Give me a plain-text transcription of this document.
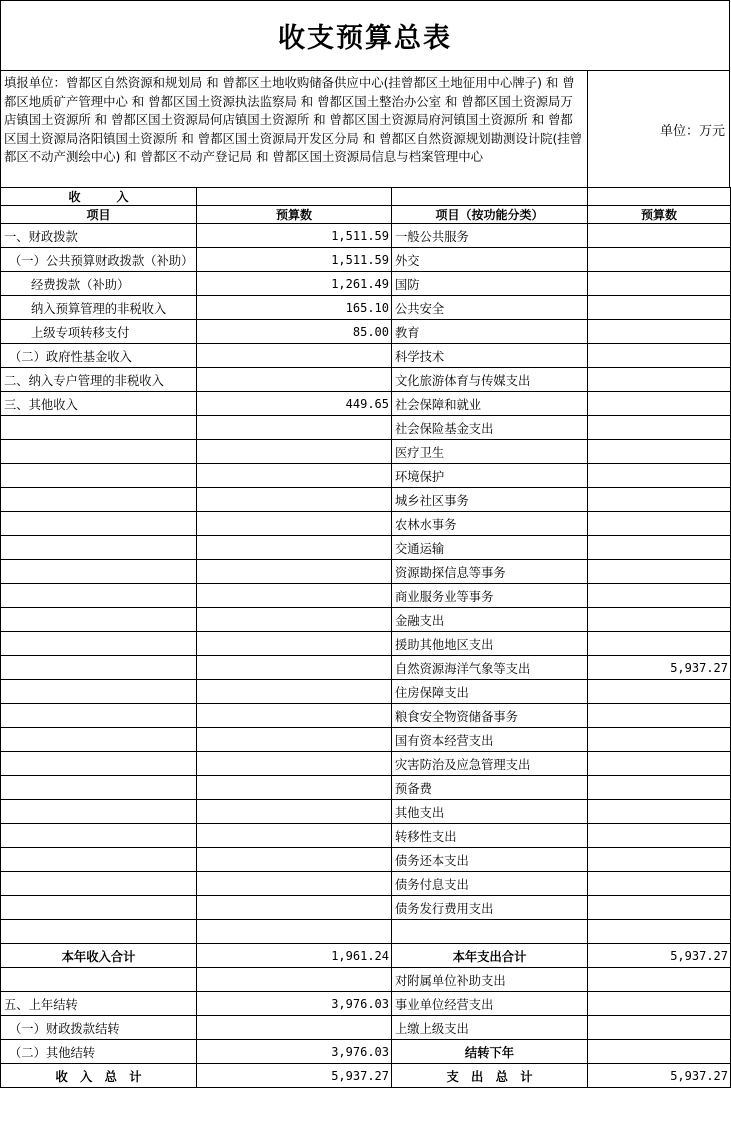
收支预算总表
填报单位：曾都区自然资源和规划局 和 曾都区土地收购储备供应中心(挂曾都区土地征用中心牌子) 和 曾都区地质矿产管理中心 和 曾都区国土资源执法监察局 和 曾都区国土整治办公室 和 曾都区国土资源局万店镇国土资源所 和 曾都区国土资源局何店镇国土资源所 和 曾都区国土资源局府河镇国土资源所 和 曾都区国土资源局洛阳镇国土资源所 和 曾都区国土资源局开发区分局 和 曾都区自然资源规划勘测设计院(挂曾都区不动产测绘中心) 和 曾都区不动产登记局 和 曾都区国土资源局信息与档案管理中心
单位：万元
收　　　入			
项目	预算数	项目（按功能分类）	预算数
一、财政拨款	1,511.59	一般公共服务	
（一）公共预算财政拨款（补助）	1,511.59	外交	
经费拨款（补助）	1,261.49	国防	
纳入预算管理的非税收入	165.10	公共安全	
上级专项转移支付	85.00	教育	
（二）政府性基金收入		科学技术	
二、纳入专户管理的非税收入		文化旅游体育与传媒支出	
三、其他收入	449.65	社会保障和就业	
		社会保险基金支出	
		医疗卫生	
		环境保护	
		城乡社区事务	
		农林水事务	
		交通运输	
		资源勘探信息等事务	
		商业服务业等事务	
		金融支出	
		援助其他地区支出	
		自然资源海洋气象等支出	5,937.27
		住房保障支出	
		粮食安全物资储备事务	
		国有资本经营支出	
		灾害防治及应急管理支出	
		预备费	
		其他支出	
		转移性支出	
		债务还本支出	
		债务付息支出	
		债务发行费用支出	

本年收入合计	1,961.24	本年支出合计	5,937.27
		对附属单位补助支出	
五、上年结转	3,976.03	事业单位经营支出	
（一）财政拨款结转		上缴上级支出	
（二）其他结转	3,976.03	结转下年	
收　入　总　计	5,937.27	支　出　总　计	5,937.27
